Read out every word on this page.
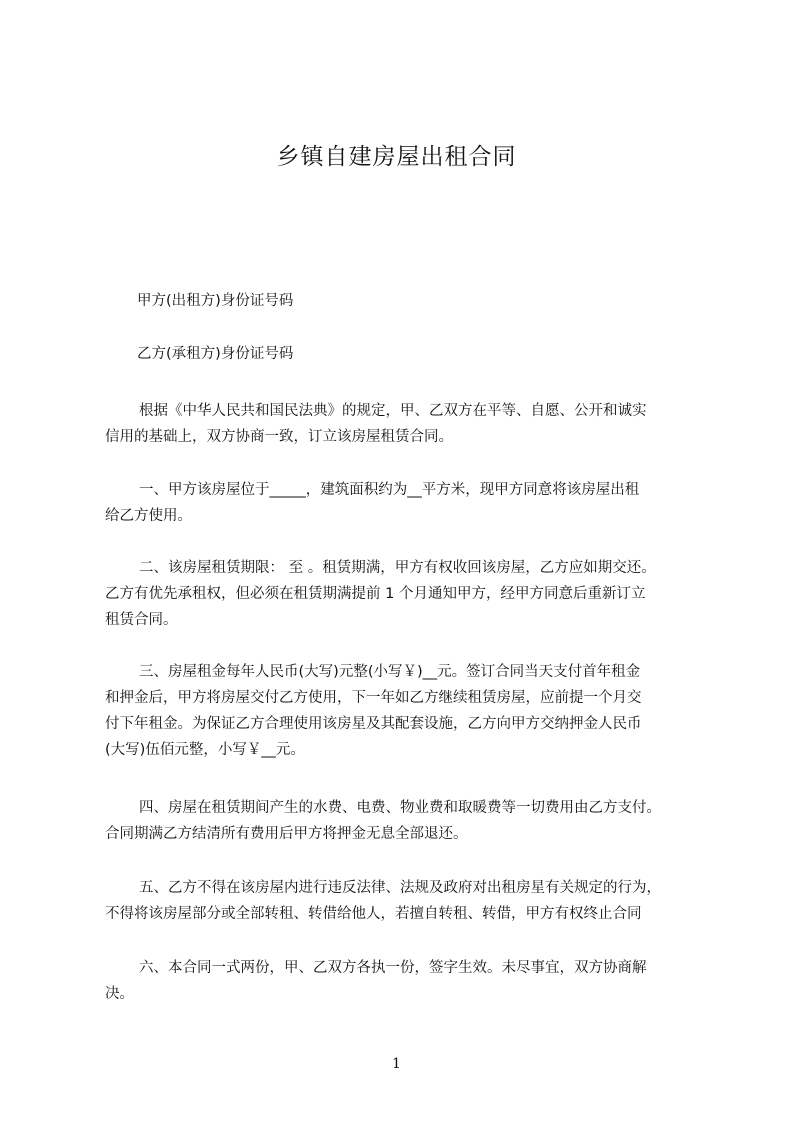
乡镇自建房屋出租合同
甲方(出租方)身份证号码
乙方(承租方)身份证号码
根据《中华人民共和国民法典》的规定，甲、乙双方在平等、自愿、公开和诚实
信用的基础上，双方协商一致，订立该房屋租赁合同。
一、甲方该房屋位于_____，建筑面积约为__平方米，现甲方同意将该房屋出租
给乙方使用。
二、该房屋租赁期限： 至 。租赁期满，甲方有权收回该房屋，乙方应如期交还。
乙方有优先承租权，但必须在租赁期满提前 1 个月通知甲方，经甲方同意后重新订立
租赁合同。
三、房屋租金每年人民币(大写)元整(小写￥)__元。签订合同当天支付首年租金
和押金后，甲方将房屋交付乙方使用，下一年如乙方继续租赁房屋，应前提一个月交
付下年租金。为保证乙方合理使用该房星及其配套设施，乙方向甲方交纳押金人民币
(大写)伍佰元整，小写￥__元。
四、房屋在租赁期间产生的水费、电费、物业费和取暖费等一切费用由乙方支付。
合同期满乙方结清所有费用后甲方将押金无息全部退还。
五、乙方不得在该房屋内进行违反法律、法规及政府对出租房星有关规定的行为，
不得将该房屋部分或全部转租、转借给他人，若擅自转租、转借，甲方有权终止合同
六、本合同一式两份，甲、乙双方各执一份，签字生效。未尽事宜，双方协商解
决。
1
